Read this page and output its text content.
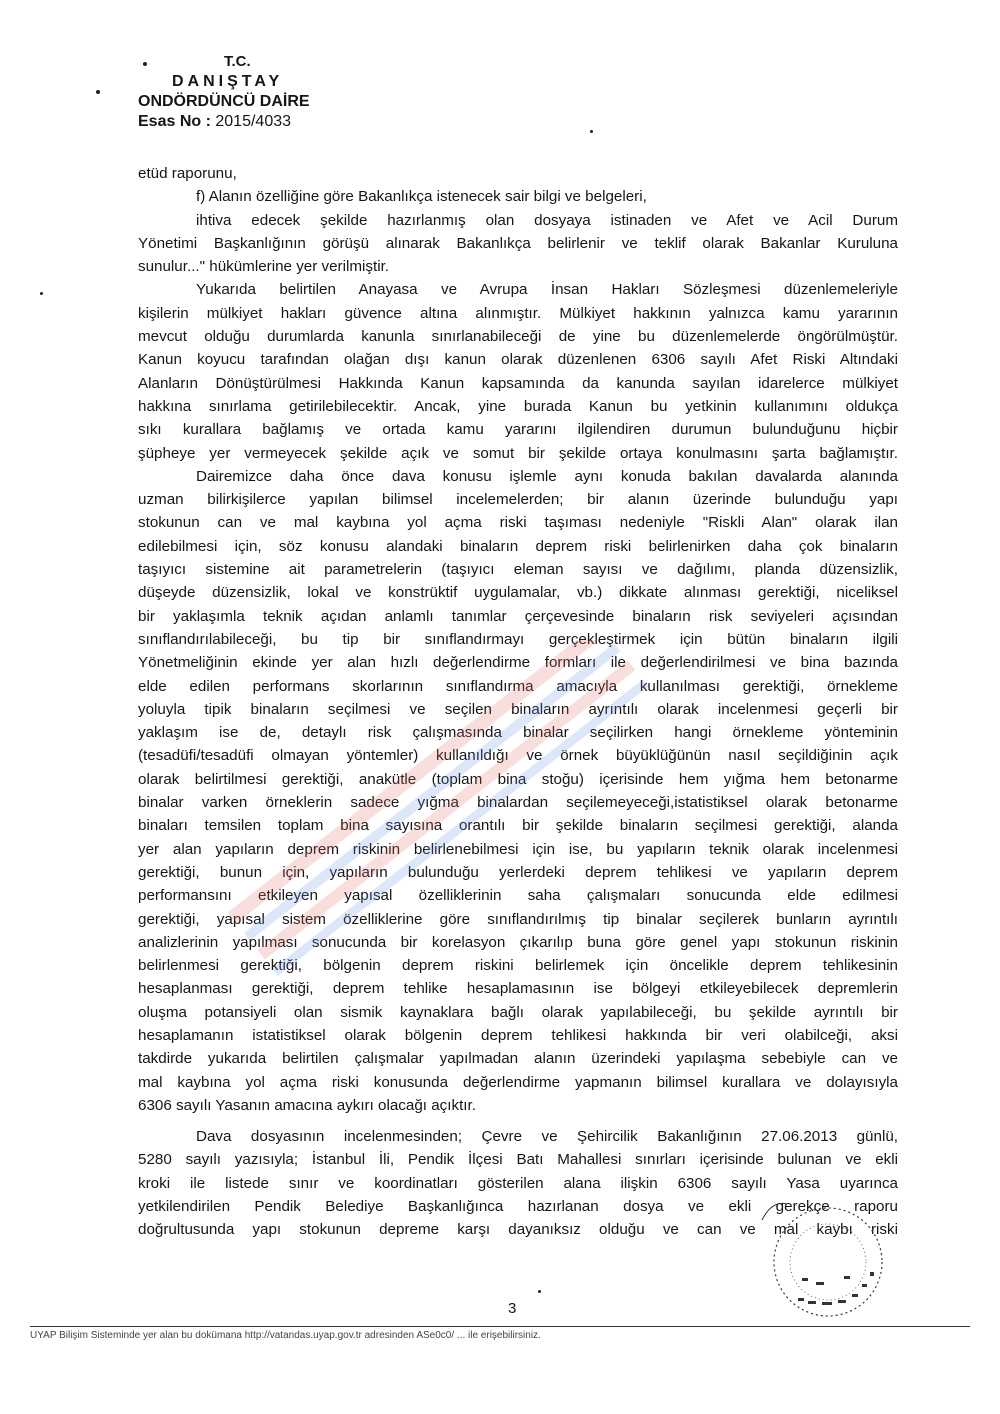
T.C.
DANIŞTAY
ONDÖRDÜNCÜ DAİRE
Esas No : 2015/4033
etüd raporunu,
f) Alanın özelliğine göre Bakanlıkça istenecek sair bilgi ve belgeleri,
ihtiva edecek şekilde hazırlanmış olan dosyaya istinaden ve Afet ve Acil Durum
Yönetimi Başkanlığının görüşü alınarak Bakanlıkça belirlenir ve teklif olarak Bakanlar Kuruluna
sunulur..." hükümlerine yer verilmiştir.
Yukarıda belirtilen Anayasa ve Avrupa İnsan Hakları Sözleşmesi düzenlemeleriyle
kişilerin mülkiyet hakları güvence altına alınmıştır. Mülkiyet hakkının yalnızca kamu yararının
mevcut olduğu durumlarda kanunla sınırlanabileceği de yine bu düzenlemelerde öngörülmüştür.
Kanun koyucu tarafından olağan dışı kanun olarak düzenlenen 6306 sayılı Afet Riski Altındaki
Alanların Dönüştürülmesi Hakkında Kanun kapsamında da kanunda sayılan idarelerce mülkiyet
hakkına sınırlama getirilebilecektir. Ancak, yine burada Kanun bu yetkinin kullanımını oldukça
sıkı kurallara bağlamış ve ortada kamu yararını ilgilendiren durumun bulunduğunu hiçbir
şüpheye yer vermeyecek şekilde açık ve somut bir şekilde ortaya konulmasını şarta bağlamıştır.
Dairemizce daha önce dava konusu işlemle aynı konuda bakılan davalarda alanında
uzman bilirkişilerce yapılan bilimsel incelemelerden; bir alanın üzerinde bulunduğu yapı
stokunun can ve mal kaybına yol açma riski taşıması nedeniyle "Riskli Alan" olarak ilan
edilebilmesi için, söz konusu alandaki binaların deprem riski belirlenirken daha çok binaların
taşıyıcı sistemine ait parametrelerin (taşıyıcı eleman sayısı ve dağılımı, planda düzensizlik,
düşeyde düzensizlik, lokal ve konstrüktif uygulamalar, vb.) dikkate alınması gerektiği, niceliksel
bir yaklaşımla teknik açıdan anlamlı tanımlar çerçevesinde binaların risk seviyeleri açısından
sınıflandırılabileceği, bu tip bir sınıflandırmayı gerçekleştirmek için bütün binaların ilgili
Yönetmeliğinin ekinde yer alan hızlı değerlendirme formları ile değerlendirilmesi ve bina bazında
elde edilen performans skorlarının sınıflandırma amacıyla kullanılması gerektiği, örnekleme
yoluyla tipik binaların seçilmesi ve seçilen binaların ayrıntılı olarak incelenmesi geçerli bir
yaklaşım ise de, detaylı risk çalışmasında binalar seçilirken hangi örnekleme yönteminin
(tesadüfi/tesadüfi olmayan yöntemler) kullanıldığı ve örnek büyüklüğünün nasıl seçildiğinin açık
olarak belirtilmesi gerektiği, anakütle (toplam bina stoğu) içerisinde hem yığma hem betonarme
binalar varken örneklerin sadece yığma binalardan seçilemeyeceği,istatistiksel olarak betonarme
binaları temsilen toplam bina sayısına orantılı bir şekilde binaların seçilmesi gerektiği, alanda
yer alan yapıların deprem riskinin belirlenebilmesi için ise, bu yapıların teknik olarak incelenmesi
gerektiği, bunun için, yapıların bulunduğu yerlerdeki deprem tehlikesi ve yapıların deprem
performansını etkileyen yapısal özelliklerinin saha çalışmaları sonucunda elde edilmesi
gerektiği, yapısal sistem özelliklerine göre sınıflandırılmış tip binalar seçilerek bunların ayrıntılı
analizlerinin yapılması sonucunda bir korelasyon çıkarılıp buna göre genel yapı stokunun riskinin
belirlenmesi gerektiği, bölgenin deprem riskini belirlemek için öncelikle deprem tehlikesinin
hesaplanması gerektiği, deprem tehlike hesaplamasının ise bölgeyi etkileyebilecek depremlerin
oluşma potansiyeli olan sismik kaynaklara bağlı olarak yapılabileceği, bu şekilde ayrıntılı bir
hesaplamanın istatistiksel olarak bölgenin deprem tehlikesi hakkında bir veri olabilceği, aksi
takdirde yukarıda belirtilen çalışmalar yapılmadan alanın üzerindeki yapılaşma sebebiyle can ve
mal kaybına yol açma riski konusunda değerlendirme yapmanın bilimsel kurallara ve dolayısıyla
6306 sayılı Yasanın amacına aykırı olacağı açıktır.
Dava dosyasının incelenmesinden; Çevre ve Şehircilik Bakanlığının 27.06.2013 günlü,
5280 sayılı yazısıyla; İstanbul İli, Pendik İlçesi Batı Mahallesi sınırları içerisinde bulunan ve ekli
kroki ile listede sınır ve koordinatları gösterilen alana ilişkin 6306 sayılı Yasa uyarınca
yetkilendirilen Pendik Belediye Başkanlığınca hazırlanan dosya ve ekli gerekçe raporu
doğrultusunda yapı stokunun depreme karşı dayanıksız olduğu ve can ve mal kaybı riski
3
UYAP Bilişim Sisteminde yer alan bu dokümana http://vatandas.uyap.gov.tr adresinden ASe0c0/ ... ile erişebilirsiniz.
